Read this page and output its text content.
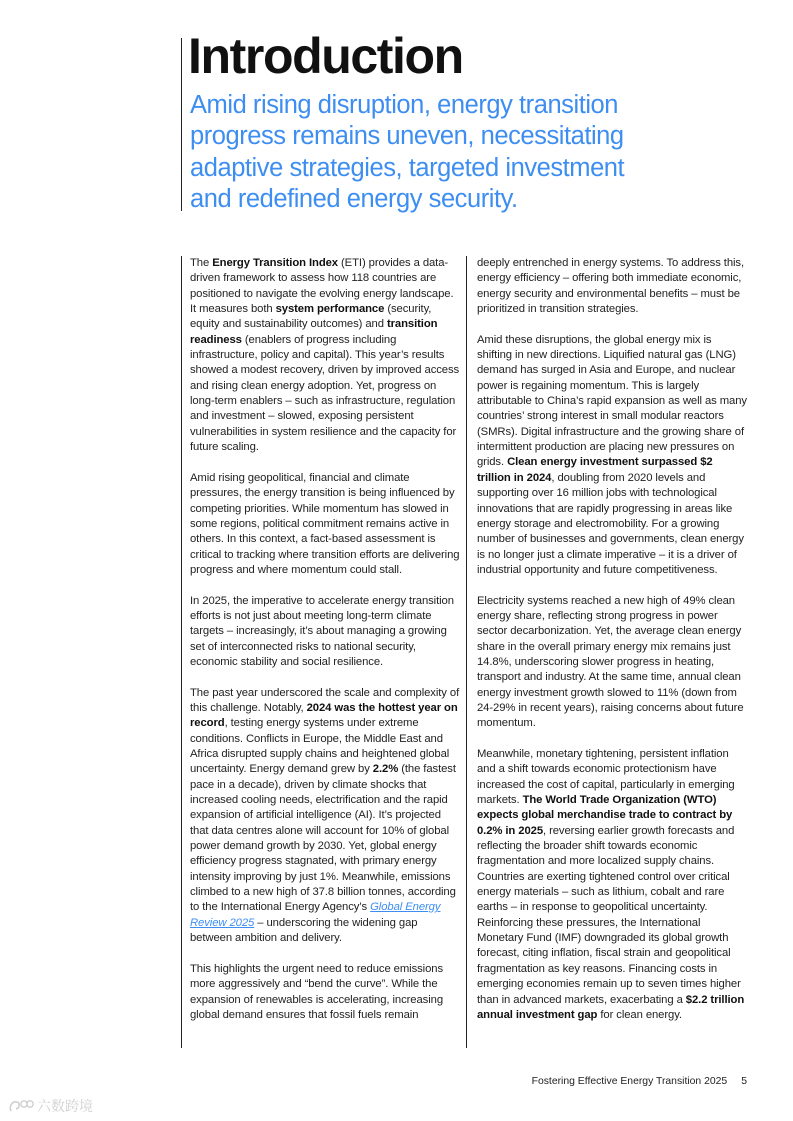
Introduction

Amid rising disruption, energy transition progress remains uneven, necessitating adaptive strategies, targeted investment and redefined energy security.

The Energy Transition Index (ETI) provides a data-driven framework to assess how 118 countries are positioned to navigate the evolving energy landscape. It measures both system performance (security, equity and sustainability outcomes) and transition readiness (enablers of progress including infrastructure, policy and capital). This year’s results showed a modest recovery, driven by improved access and rising clean energy adoption. Yet, progress on long-term enablers – such as infrastructure, regulation and investment – slowed, exposing persistent vulnerabilities in system resilience and the capacity for future scaling.

Amid rising geopolitical, financial and climate pressures, the energy transition is being influenced by competing priorities. While momentum has slowed in some regions, political commitment remains active in others. In this context, a fact-based assessment is critical to tracking where transition efforts are delivering progress and where momentum could stall.

In 2025, the imperative to accelerate energy transition efforts is not just about meeting long-term climate targets – increasingly, it’s about managing a growing set of interconnected risks to national security, economic stability and social resilience.

The past year underscored the scale and complexity of this challenge. Notably, 2024 was the hottest year on record, testing energy systems under extreme conditions. Conflicts in Europe, the Middle East and Africa disrupted supply chains and heightened global uncertainty. Energy demand grew by 2.2% (the fastest pace in a decade), driven by climate shocks that increased cooling needs, electrification and the rapid expansion of artificial intelligence (AI). It’s projected that data centres alone will account for 10% of global power demand growth by 2030. Yet, global energy efficiency progress stagnated, with primary energy intensity improving by just 1%. Meanwhile, emissions climbed to a new high of 37.8 billion tonnes, according to the International Energy Agency’s Global Energy Review 2025 – underscoring the widening gap between ambition and delivery.

This highlights the urgent need to reduce emissions more aggressively and “bend the curve”. While the expansion of renewables is accelerating, increasing global demand ensures that fossil fuels remain

deeply entrenched in energy systems. To address this, energy efficiency – offering both immediate economic, energy security and environmental benefits – must be prioritized in transition strategies.

Amid these disruptions, the global energy mix is shifting in new directions. Liquified natural gas (LNG) demand has surged in Asia and Europe, and nuclear power is regaining momentum. This is largely attributable to China’s rapid expansion as well as many countries’ strong interest in small modular reactors (SMRs). Digital infrastructure and the growing share of intermittent production are placing new pressures on grids. Clean energy investment surpassed $2 trillion in 2024, doubling from 2020 levels and supporting over 16 million jobs with technological innovations that are rapidly progressing in areas like energy storage and electromobility. For a growing number of businesses and governments, clean energy is no longer just a climate imperative – it is a driver of industrial opportunity and future competitiveness.

Electricity systems reached a new high of 49% clean energy share, reflecting strong progress in power sector decarbonization. Yet, the average clean energy share in the overall primary energy mix remains just 14.8%, underscoring slower progress in heating, transport and industry. At the same time, annual clean energy investment growth slowed to 11% (down from 24-29% in recent years), raising concerns about future momentum.

Meanwhile, monetary tightening, persistent inflation and a shift towards economic protectionism have increased the cost of capital, particularly in emerging markets. The World Trade Organization (WTO) expects global merchandise trade to contract by 0.2% in 2025, reversing earlier growth forecasts and reflecting the broader shift towards economic fragmentation and more localized supply chains. Countries are exerting tightened control over critical energy materials – such as lithium, cobalt and rare earths – in response to geopolitical uncertainty. Reinforcing these pressures, the International Monetary Fund (IMF) downgraded its global growth forecast, citing inflation, fiscal strain and geopolitical fragmentation as key reasons. Financing costs in emerging economies remain up to seven times higher than in advanced markets, exacerbating a $2.2 trillion annual investment gap for clean energy.

Fostering Effective Energy Transition 2025 5
六数跨境
